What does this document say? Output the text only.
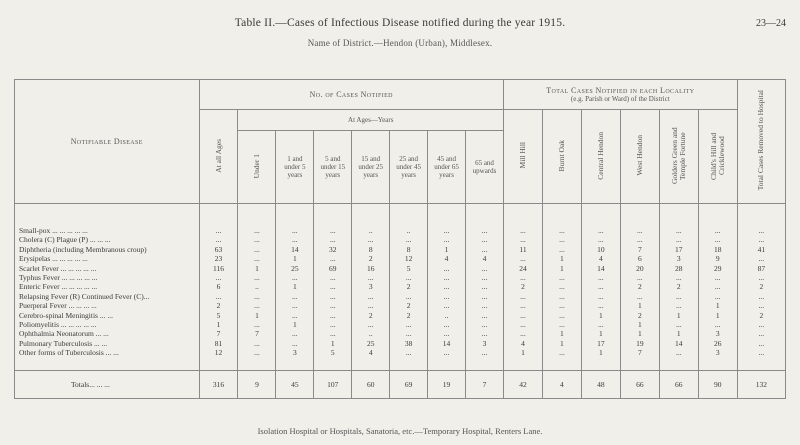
Table II.—Cases of Infectious Disease notified during the year 1915.	23—24
Name of District.—Hendon (Urban), Middlesex.
Notifiable Disease	No. of Cases Notified								Total Cases Notified in each Locality
(e.g. Parish or Ward) of the District						Total Cases Removed to Hospital
	At all Ages	At Ages—Years							Mill Hill	Burnt Oak	Central Hendon	West Hendon	Golders Green and Temple Fortune	Child's Hill and Cricklewood	
		Under 1	1 and under 5 years	5 and under 15 years	15 and under 25 years	25 and under 45 years	45 and under 65 years	65 and upwards							

Small-pox ... ... ... ... ...	...	...	...	...	..	..	...	...	...	...	...	...	...	...	...
Cholera (C) Plague (P) ... ... ...	...	...	...	...	...	...	...	...	...	...	...	...	...	...	...
Diphtheria (including Membranous croup)	63	...	14	32	8	8	1	...	11	...	10	7	17	18	41
Erysipelas ... ... ... ... ...	23	...	1	...	2	12	4	4	...	1	4	6	3	9	...
Scarlet Fever ... ... ... ... ...	116	1	25	69	16	5	...	...	24	1	14	20	28	29	87
Typhus Fever ... ... ... ... ...	...	...	...	...	...	...	...	...	...	...	...	...	...	...	...
Enteric Fever ... ... ... ... ...	6	..	1	...	3	2	...	...	2	...	...	2	2	...	2
Relapsing Fever (R) Continued Fever (C)...	...	...	...	...	...	...	...	...	...	...	...	...	...	...	...
Puerperal Fever ... ... ... ...	2	...	...	...	...	2	...	...	...	...	...	1	...	1	...
Cerebro-spinal Meningitis ... ...	5	1	...	...	2	2	..	...	...	...	1	2	1	1	2
Poliomyelitis ... ... ... ... ...	1	...	1	...	...	...	...	...	...	...	...	1	...	...	...
Ophthalmia Neonatorum ... ...	7	7	...	...	..	...	...	...	...	1	1	1	1	3	...
Pulmonary Tuberculosis ... ...	81	...	...	1	25	38	14	3	4	1	17	19	14	26	...
Other forms of Tuberculosis ... ...	12	...	3	5	4	...	...	...	1	...	1	7	...	3	...

Totals... ... ...	316	9	45	107	60	69	19	7	42	4	48	66	66	90	132
Isolation Hospital or Hospitals, Sanatoria, etc.—Temporary Hospital, Renters Lane.
